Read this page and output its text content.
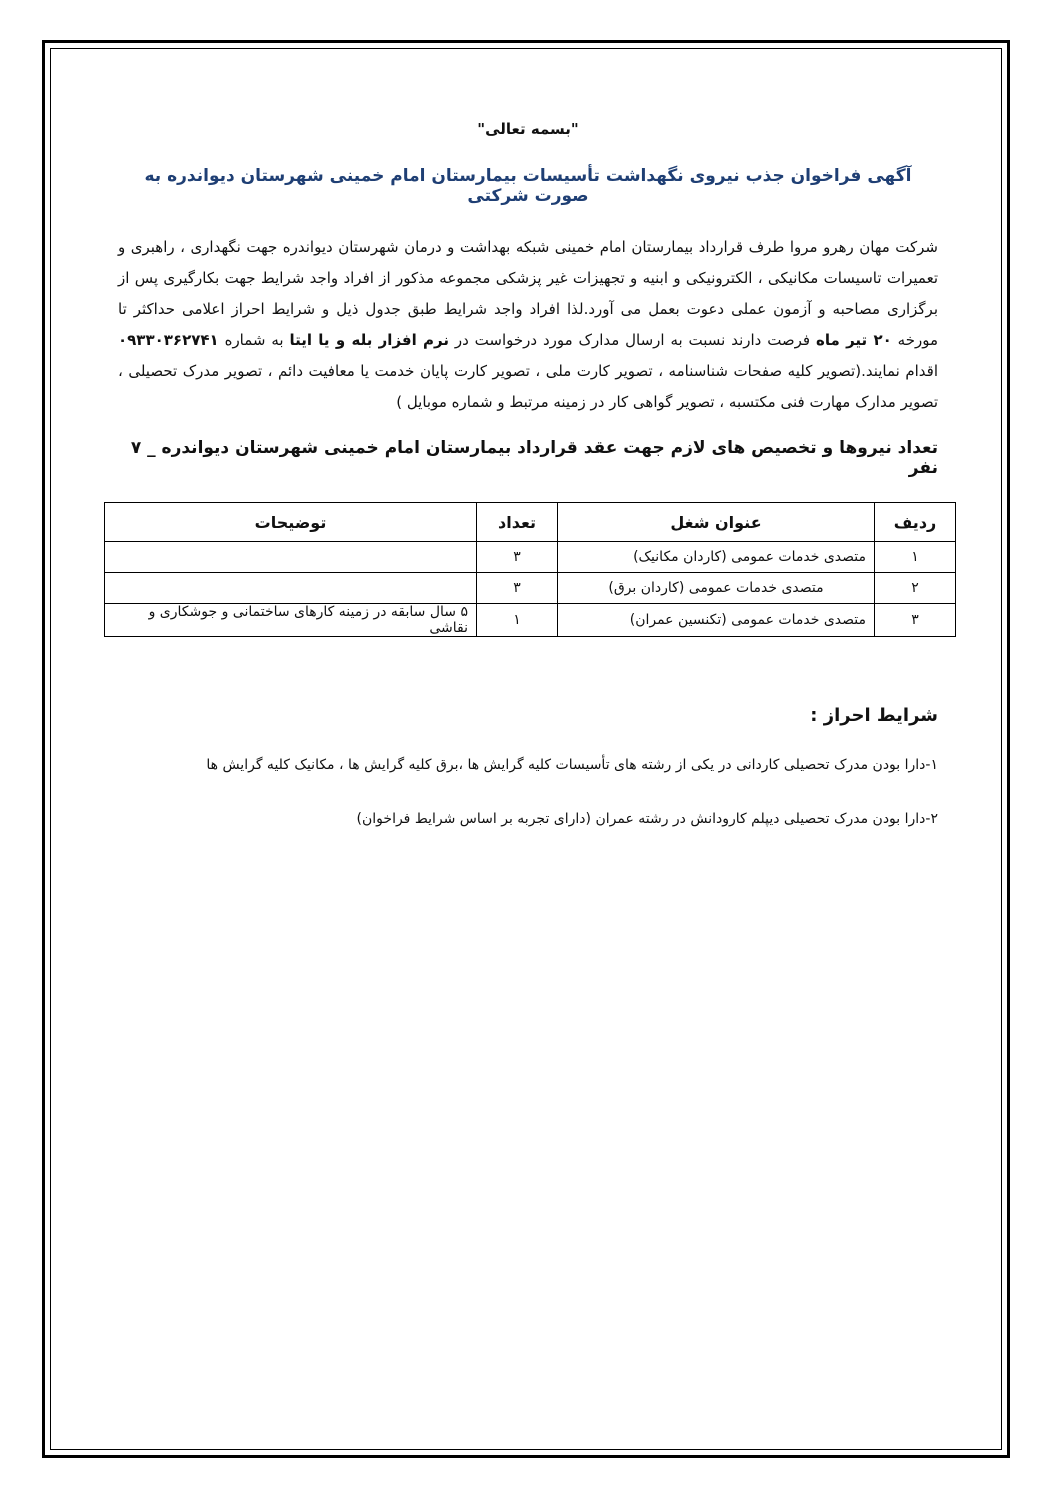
"بسمه تعالی"

آگهی فراخوان جذب نیروی نگهداشت تأسیسات بیمارستان امام خمینی شهرستان دیواندره به صورت شرکتی

شرکت مهان رهرو مروا طرف قرارداد بیمارستان امام خمینی شبکه بهداشت و درمان شهرستان دیواندره جهت نگهداری ، راهبری و تعمیرات تاسیسات مکانیکی ، الکترونیکی و ابنیه و تجهیزات غیر پزشکی مجموعه مذکور از افراد واجد شرایط جهت بکارگیری پس از برگزاری مصاحبه و آزمون عملی دعوت بعمل می آورد.لذا افراد واجد شرایط طبق جدول ذیل و شرایط احراز اعلامی حداکثر تا مورخه ۲۰ تیر ماه فرصت دارند نسبت به ارسال مدارک مورد درخواست در نرم افزار بله و یا ایتا به شماره ۰۹۳۳۰۳۶۲۷۴۱ اقدام نمایند.(تصویر کلیه صفحات شناسنامه ، تصویر کارت ملی ، تصویر کارت پایان خدمت یا معافیت دائم ، تصویر مدرک تحصیلی ، تصویر مدارک مهارت فنی مکتسبه ، تصویر گواهی کار در زمینه مرتبط و شماره موبایل )

تعداد نیروها و تخصیص های لازم جهت عقد قرارداد بیمارستان امام خمینی شهرستان دیواندره _ ۷ نفر

ردیف	عنوان شغل	تعداد	توضیحات
۱	متصدی خدمات عمومی (کاردان مکانیک)	۳	
۲	متصدی خدمات عمومی (کاردان برق)	۳	
۳	متصدی خدمات عمومی (تکنسین عمران)	۱	۵ سال سابقه در زمینه کارهای ساختمانی و جوشکاری و نقاشی

شرایط احراز :

۱-دارا بودن مدرک تحصیلی کاردانی در یکی از رشته های تأسیسات کلیه گرایش ها ،برق کلیه گرایش ها ، مکانیک کلیه گرایش ها

۲-دارا بودن مدرک تحصیلی دیپلم کارودانش در رشته عمران (دارای تجربه بر اساس شرایط فراخوان)
